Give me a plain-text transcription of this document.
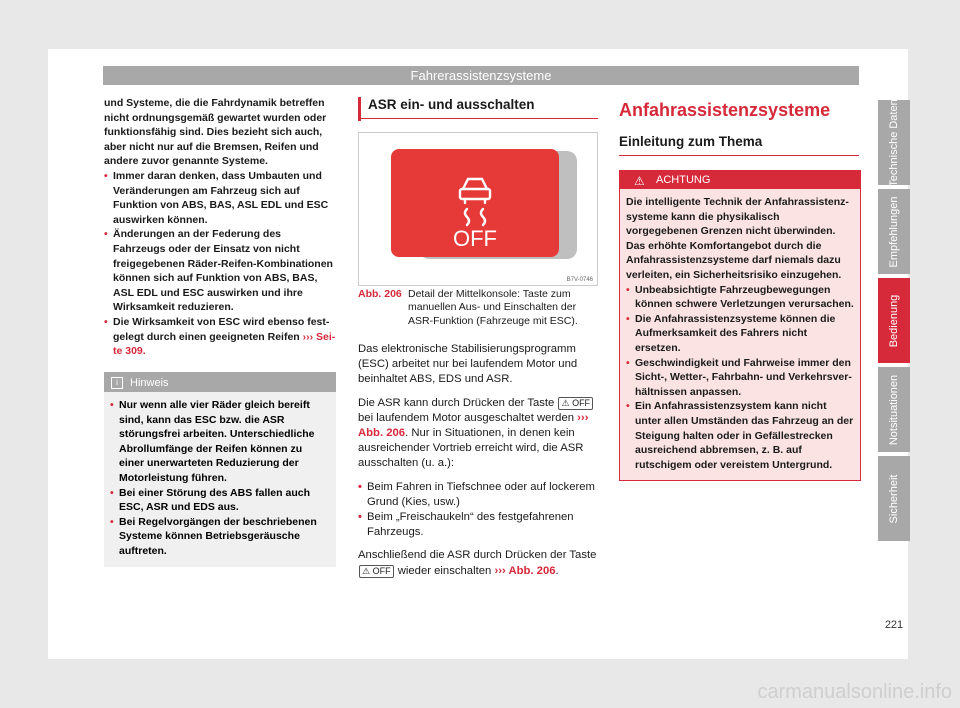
Fahrerassistenzsysteme
und Systeme, die die Fahrdynamik betreffen nicht ordnungsgemäß gewartet wurden oder funktionsfähig sind. Dies bezieht sich auch, aber nicht nur auf die Bremsen, Reifen und andere zuvor genannte Systeme.
• Immer daran denken, dass Umbauten und Veränderungen am Fahrzeug sich auf Funktion von ABS, BAS, ASL EDL und ESC auswirken können.
• Änderungen an der Federung des Fahrzeugs oder der Einsatz von nicht freigegebenen Räder-Reifen-Kombinationen können sich auf Funktion von ABS, BAS, ASL EDL und ESC auswirken und ihre Wirksamkeit reduzieren.
• Die Wirksamkeit von ESC wird ebenso festgelegt durch einen geeigneten Reifen ››› Seite 309.
i	Hinweis
• Nur wenn alle vier Räder gleich bereift sind, kann das ESC bzw. die ASR störungsfrei arbeiten. Unterschiedliche Abrollumfänge der Reifen können zu einer unerwarteten Reduzierung der Motorleistung führen.
• Bei einer Störung des ABS fallen auch ESC, ASR und EDS aus.
• Bei Regelvorgängen der beschriebenen Systeme können Betriebsgeräusche auftreten.
ASR ein- und ausschalten
OFF
B7V-0746
Abb. 206 Detail der Mittelkonsole: Taste zum manuellen Aus- und Einschalten der ASR-Funktion (Fahrzeuge mit ESC).

Das elektronische Stabilisierungsprogramm (ESC) arbeitet nur bei laufendem Motor und beinhaltet ABS, EDS und ASR.

Die ASR kann durch Drücken der Taste ⚠ OFF bei laufendem Motor ausgeschaltet werden ››› Abb. 206. Nur in Situationen, in denen kein ausreichender Vortrieb erreicht wird, die ASR ausschalten (u. a.):

• Beim Fahren in Tiefschnee oder auf lockerem Grund (Kies, usw.)
• Beim „Freischaukeln“ des festgefahrenen Fahrzeugs.

Anschließend die ASR durch Drücken der Taste ⚠ OFF wieder einschalten ››› Abb. 206.

Anfahrassistenzsysteme
Einleitung zum Thema
⚠ ACHTUNG
Die intelligente Technik der Anfahrassistenzsysteme kann die physikalisch vorgegebenen Grenzen nicht überwinden. Das erhöhte Komfortangebot durch die Anfahrassistenzsysteme darf niemals dazu verleiten, ein Sicherheitsrisiko einzugehen.
• Unbeabsichtigte Fahrzeugbewegungen können schwere Verletzungen verursachen.
• Die Anfahrassistenzsysteme können die Aufmerksamkeit des Fahrers nicht ersetzen.
• Geschwindigkeit und Fahrweise immer den Sicht-, Wetter-, Fahrbahn- und Verkehrsverhältnissen anpassen.
• Ein Anfahrassistenzsystem kann nicht unter allen Umständen das Fahrzeug an der Steigung halten oder in Gefällestrecken ausreichend abbremsen, z. B. auf rutschigem oder vereistem Untergrund.
Technische Daten
Empfehlungen
Bedienung
Notsituationen
Sicherheit
221
carmanualsonline.info
